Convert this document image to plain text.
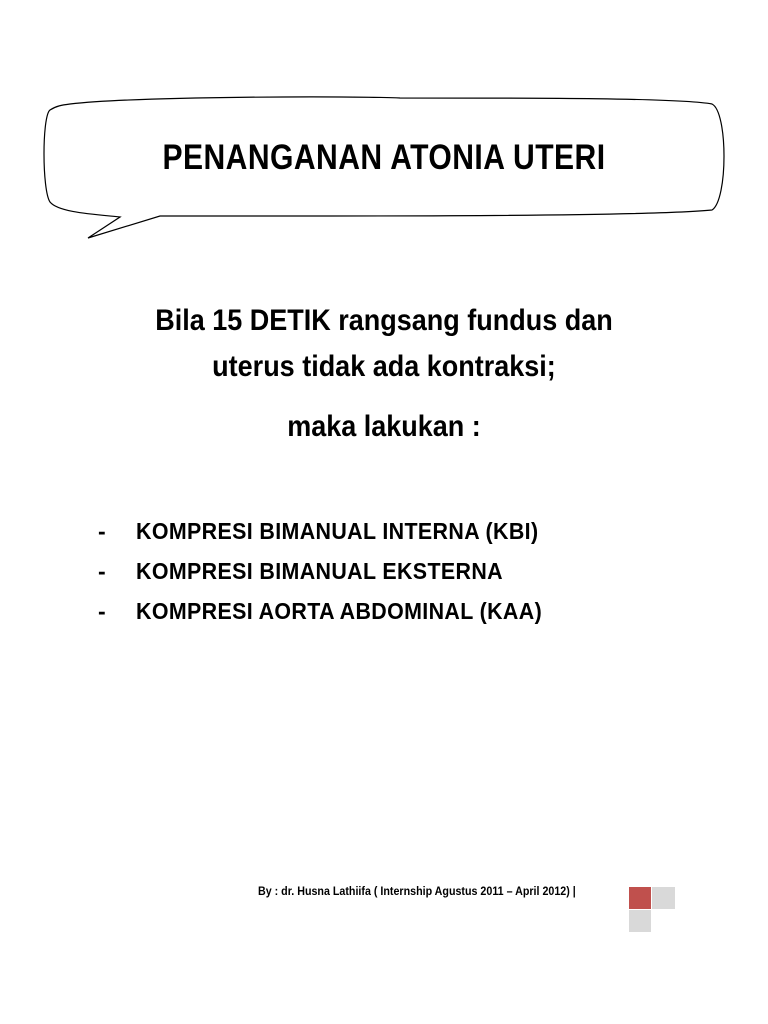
PENANGANAN ATONIA UTERI
Bila 15 DETIK rangsang fundus dan
uterus tidak ada kontraksi;
maka lakukan :
-	KOMPRESI BIMANUAL INTERNA (KBI)
-	KOMPRESI BIMANUAL EKSTERNA
-	KOMPRESI AORTA ABDOMINAL (KAA)
By : dr. Husna Lathiifa ( Internship Agustus 2011 – April 2012) |
